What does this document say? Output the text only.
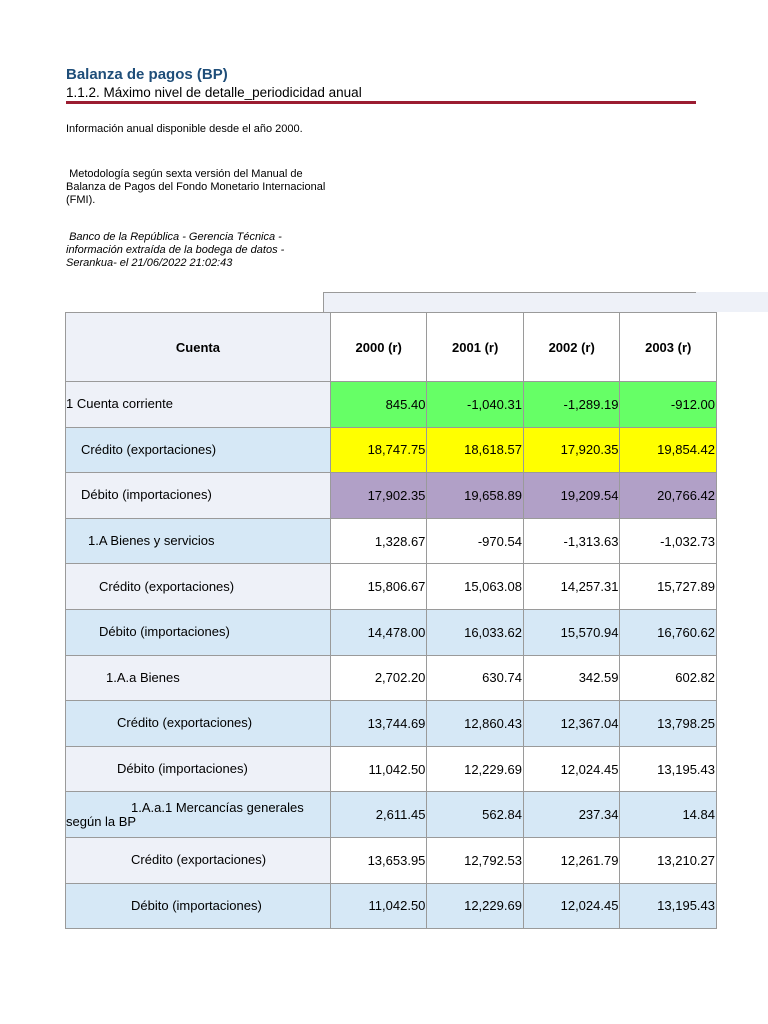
Balanza de pagos (BP)
1.1.2. Máximo nivel de detalle_periodicidad anual
Información anual disponible desde el año 2000.
Metodología según sexta versión del Manual de Balanza de Pagos del Fondo Monetario Internacional (FMI).
Banco de la República - Gerencia Técnica - información extraída de la bodega de datos - Serankua- el 21/06/2022 21:02:43
Cuenta	2000 (r)	2001 (r)	2002 (r)	2003 (r)
1 Cuenta corriente	845.40	-1,040.31	-1,289.19	-912.00
Crédito (exportaciones)	18,747.75	18,618.57	17,920.35	19,854.42
Débito (importaciones)	17,902.35	19,658.89	19,209.54	20,766.42
1.A Bienes y servicios	1,328.67	-970.54	-1,313.63	-1,032.73
Crédito (exportaciones)	15,806.67	15,063.08	14,257.31	15,727.89
Débito (importaciones)	14,478.00	16,033.62	15,570.94	16,760.62
1.A.a Bienes	2,702.20	630.74	342.59	602.82
Crédito (exportaciones)	13,744.69	12,860.43	12,367.04	13,798.25
Débito (importaciones)	11,042.50	12,229.69	12,024.45	13,195.43
1.A.a.1 Mercancías generales según la BP	2,611.45	562.84	237.34	14.84
Crédito (exportaciones)	13,653.95	12,792.53	12,261.79	13,210.27
Débito (importaciones)	11,042.50	12,229.69	12,024.45	13,195.43
